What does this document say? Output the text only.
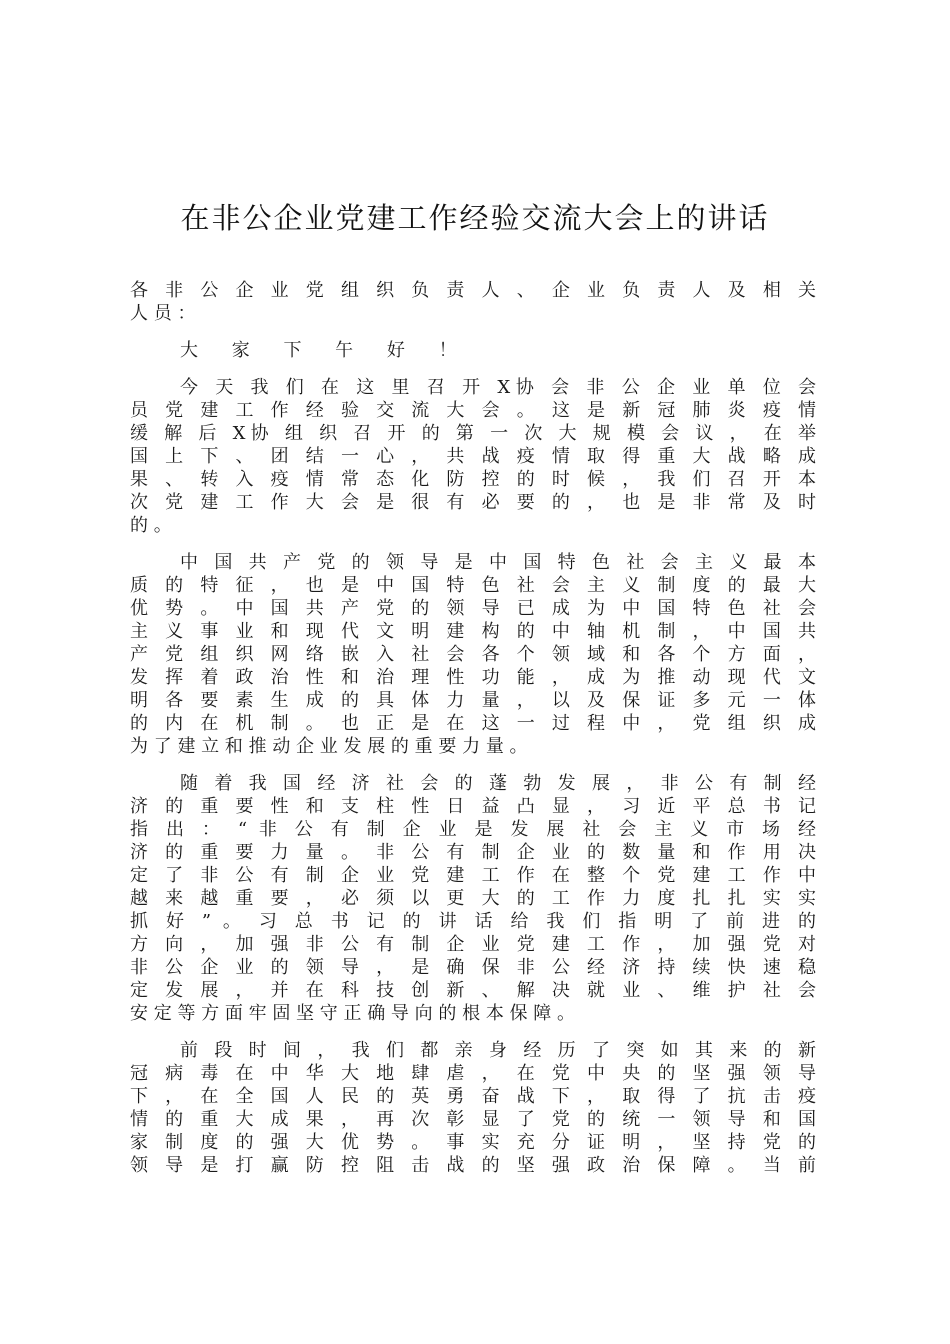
在非公企业党建工作经验交流大会上的讲话
各 非 公 企 业 党 组 织 负 责 人 、 企 业 负 责 人 及 相 关
人 员 ：
大 家 下 午 好 ！
今 天 我 们 在 这 里 召 开 X协 会 非 公 企 业 单 位 会
员 党 建 工 作 经 验 交 流 大 会 。 这 是 新 冠 肺 炎 疫 情
缓 解 后 X协 组 织 召 开 的 第 一 次 大 规 模 会 议 ， 在 举
国 上 下 、 团 结 一 心 ， 共 战 疫 情 取 得 重 大 战 略 成
果 、 转 入 疫 情 常 态 化 防 控 的 时 候 ， 我 们 召 开 本
次 党 建 工 作 大 会 是 很 有 必 要 的 ， 也 是 非 常 及 时
的 。
中 国 共 产 党 的 领 导 是 中 国 特 色 社 会 主 义 最 本
质 的 特 征 ， 也 是 中 国 特 色 社 会 主 义 制 度 的 最 大
优 势 。 中 国 共 产 党 的 领 导 已 成 为 中 国 特 色 社 会
主 义 事 业 和 现 代 文 明 建 构 的 中 轴 机 制 ， 中 国 共
产 党 组 织 网 络 嵌 入 社 会 各 个 领 域 和 各 个 方 面 ，
发 挥 着 政 治 性 和 治 理 性 功 能 ， 成 为 推 动 现 代 文
明 各 要 素 生 成 的 具 体 力 量 ， 以 及 保 证 多 元 一 体
的 内 在 机 制 。 也 正 是 在 这 一 过 程 中 ， 党 组 织 成
为 了 建 立 和 推 动 企 业 发 展 的 重 要 力 量 。
随 着 我 国 经 济 社 会 的 蓬 勃 发 展 ， 非 公 有 制 经
济 的 重 要 性 和 支 柱 性 日 益 凸 显 ， 习 近 平 总 书 记
指 出 ： “ 非 公 有 制 企 业 是 发 展 社 会 主 义 市 场 经
济 的 重 要 力 量 。 非 公 有 制 企 业 的 数 量 和 作 用 决
定 了 非 公 有 制 企 业 党 建 工 作 在 整 个 党 建 工 作 中
越 来 越 重 要 ， 必 须 以 更 大 的 工 作 力 度 扎 扎 实 实
抓 好 ” 。 习 总 书 记 的 讲 话 给 我 们 指 明 了 前 进 的
方 向 ， 加 强 非 公 有 制 企 业 党 建 工 作 ， 加 强 党 对
非 公 企 业 的 领 导 ， 是 确 保 非 公 经 济 持 续 快 速 稳
定 发 展 ， 并 在 科 技 创 新 、 解 决 就 业 、 维 护 社 会
安 定 等 方 面 牢 固 坚 守 正 确 导 向 的 根 本 保 障 。
前 段 时 间 ， 我 们 都 亲 身 经 历 了 突 如 其 来 的 新
冠 病 毒 在 中 华 大 地 肆 虐 ， 在 党 中 央 的 坚 强 领 导
下 ， 在 全 国 人 民 的 英 勇 奋 战 下 ， 取 得 了 抗 击 疫
情 的 重 大 成 果 ， 再 次 彰 显 了 党 的 统 一 领 导 和 国
家 制 度 的 强 大 优 势 。 事 实 充 分 证 明 ， 坚 持 党 的
领 导 是 打 赢 防 控 阻 击 战 的 坚 强 政 治 保 障 。 当 前
